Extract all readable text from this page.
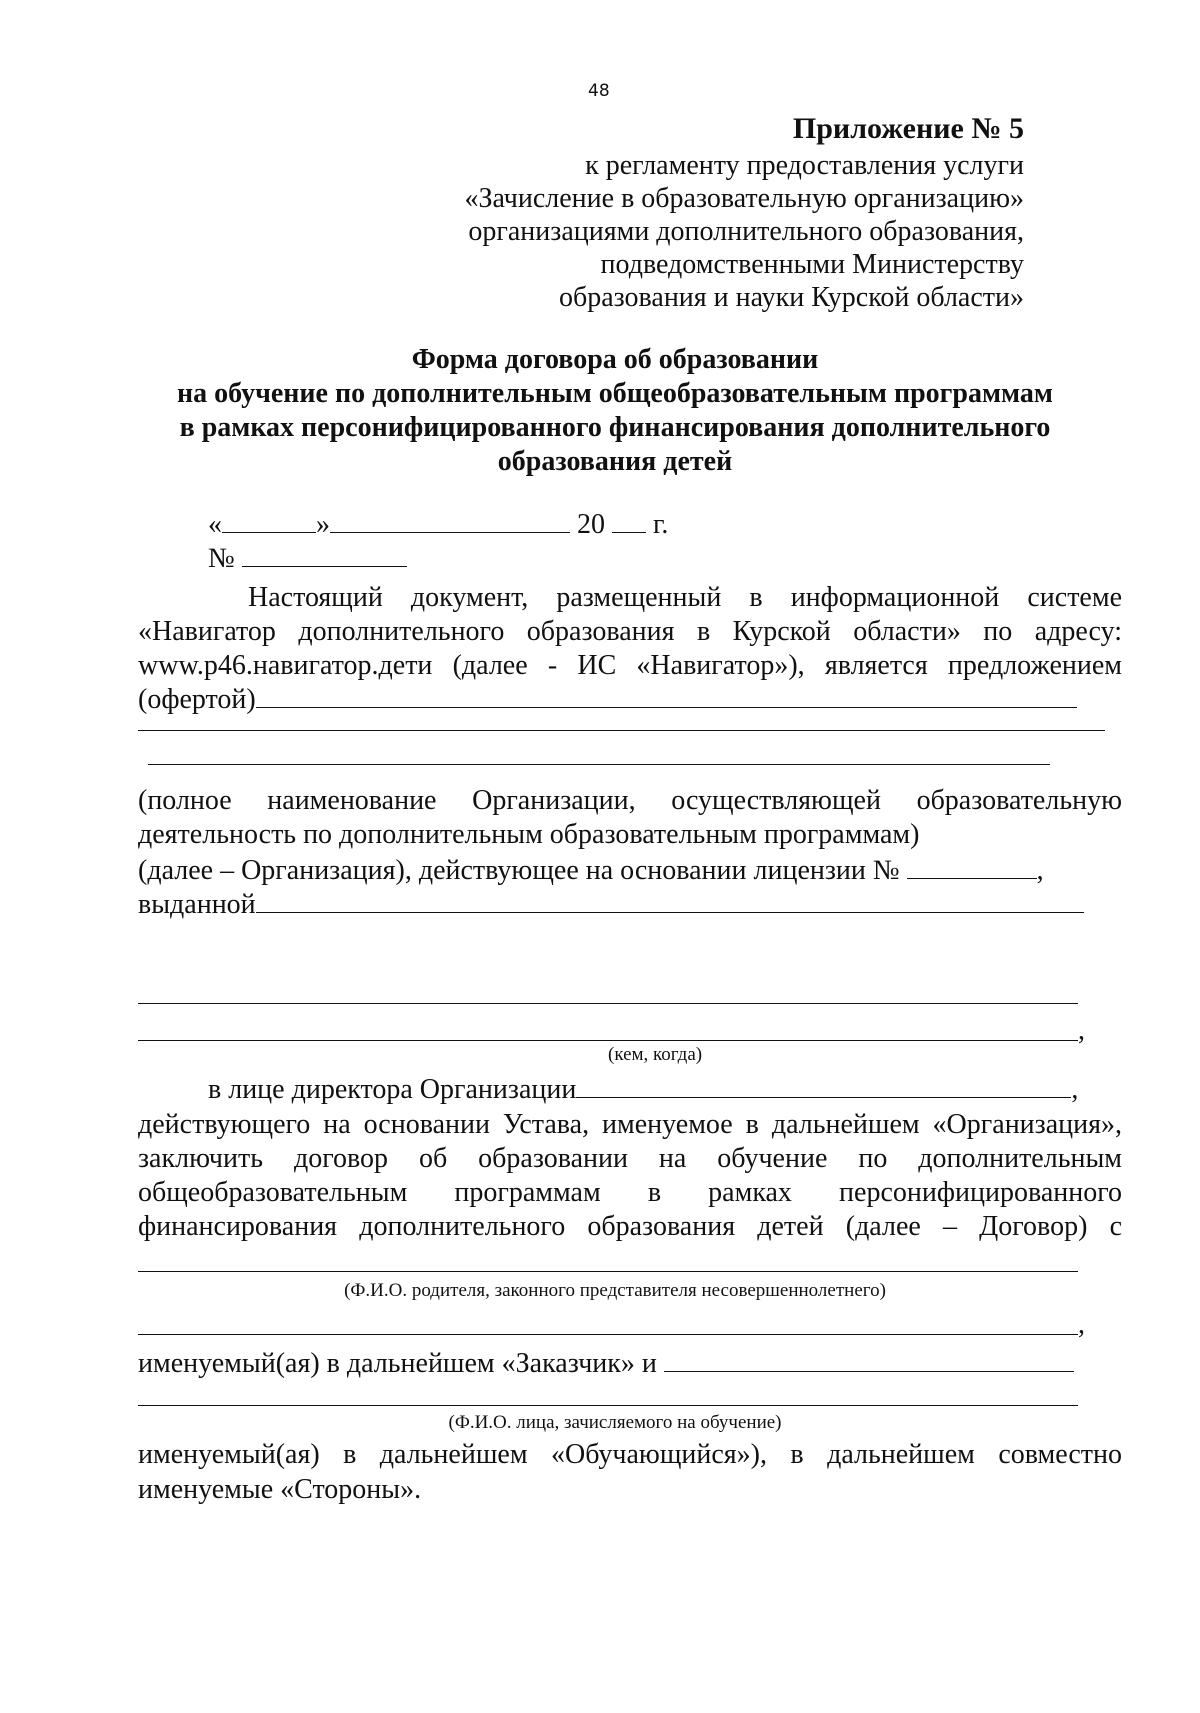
48
Приложение № 5
к регламенту предоставления услуги
«Зачисление в образовательную организацию»
организациями дополнительного образования,
подведомственными Министерству
образования и науки Курской области»
Форма договора об образовании
на обучение по дополнительным общеобразовательным программам
в рамках персонифицированного финансирования дополнительного
образования детей
«	»	20 г.
№
Настоящий документ, размещенный в информационной системе
«Навигатор дополнительного образования в Курской области» по адресу:
www.р46.навигатор.дети (далее - ИС «Навигатор»), является предложением
(офертой)
(полное наименование Организации, осуществляющей образовательную
деятельность по дополнительным образовательным программам)
(далее – Организация), действующее на основании лицензии №	,
выданной
,
(кем, когда)
в лице директора Организации	,
действующего на основании Устава, именуемое в дальнейшем «Организация»,
заключить договор об образовании на обучение по дополнительным
общеобразовательным программам в рамках персонифицированного
финансирования дополнительного образования детей (далее – Договор) с
(Ф.И.О. родителя, законного представителя несовершеннолетнего)
,
именуемый(ая) в дальнейшем «Заказчик» и
(Ф.И.О. лица, зачисляемого на обучение)
именуемый(ая) в дальнейшем «Обучающийся»), в дальнейшем совместно
именуемые «Стороны».
